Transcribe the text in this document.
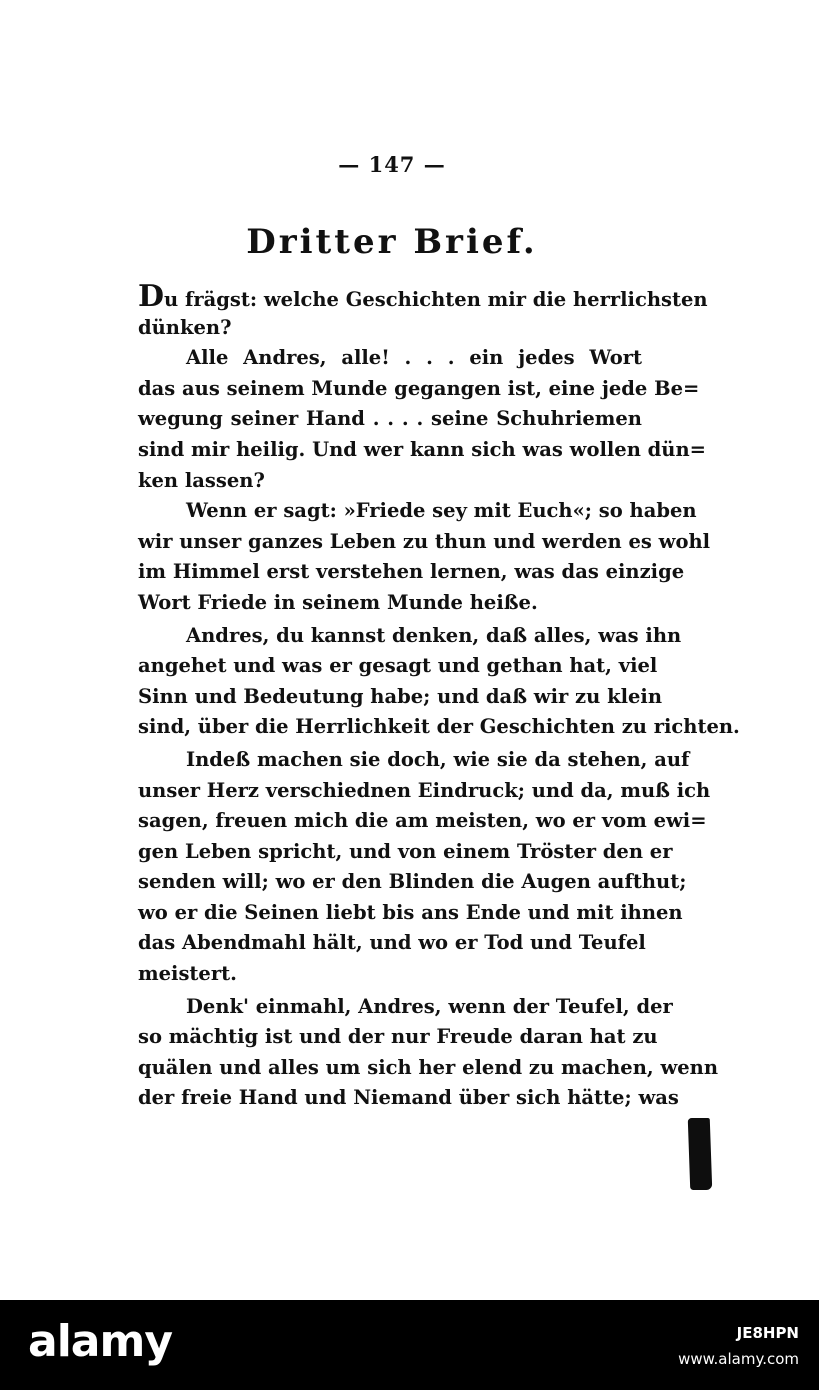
— 147 —
Dritter Brief.
Du frägst: welche Geschichten mir die herrlichsten
dünken?
Alle Andres, alle! . . . ein jedes Wort
das aus seinem Munde gegangen ist, eine jede Be=
wegung seiner Hand . . . . seine Schuhriemen
sind mir heilig. Und wer kann sich was wollen dün=
ken lassen?
Wenn er sagt: »Friede sey mit Euch«; so haben
wir unser ganzes Leben zu thun und werden es wohl
im Himmel erst verstehen lernen, was das einzige
Wort Friede in seinem Munde heiße.
Andres, du kannst denken, daß alles, was ihn
angehet und was er gesagt und gethan hat, viel
Sinn und Bedeutung habe; und daß wir zu klein
sind, über die Herrlichkeit der Geschichten zu richten.
Indeß machen sie doch, wie sie da stehen, auf
unser Herz verschiednen Eindruck; und da, muß ich
sagen, freuen mich die am meisten, wo er vom ewi=
gen Leben spricht, und von einem Tröster den er
senden will; wo er den Blinden die Augen aufthut;
wo er die Seinen liebt bis ans Ende und mit ihnen
das Abendmahl hält, und wo er Tod und Teufel
meistert.
Denk' einmahl, Andres, wenn der Teufel, der
so mächtig ist und der nur Freude daran hat zu
quälen und alles um sich her elend zu machen, wenn
der freie Hand und Niemand über sich hätte; was
alamy	JE8HPN
www.alamy.com
